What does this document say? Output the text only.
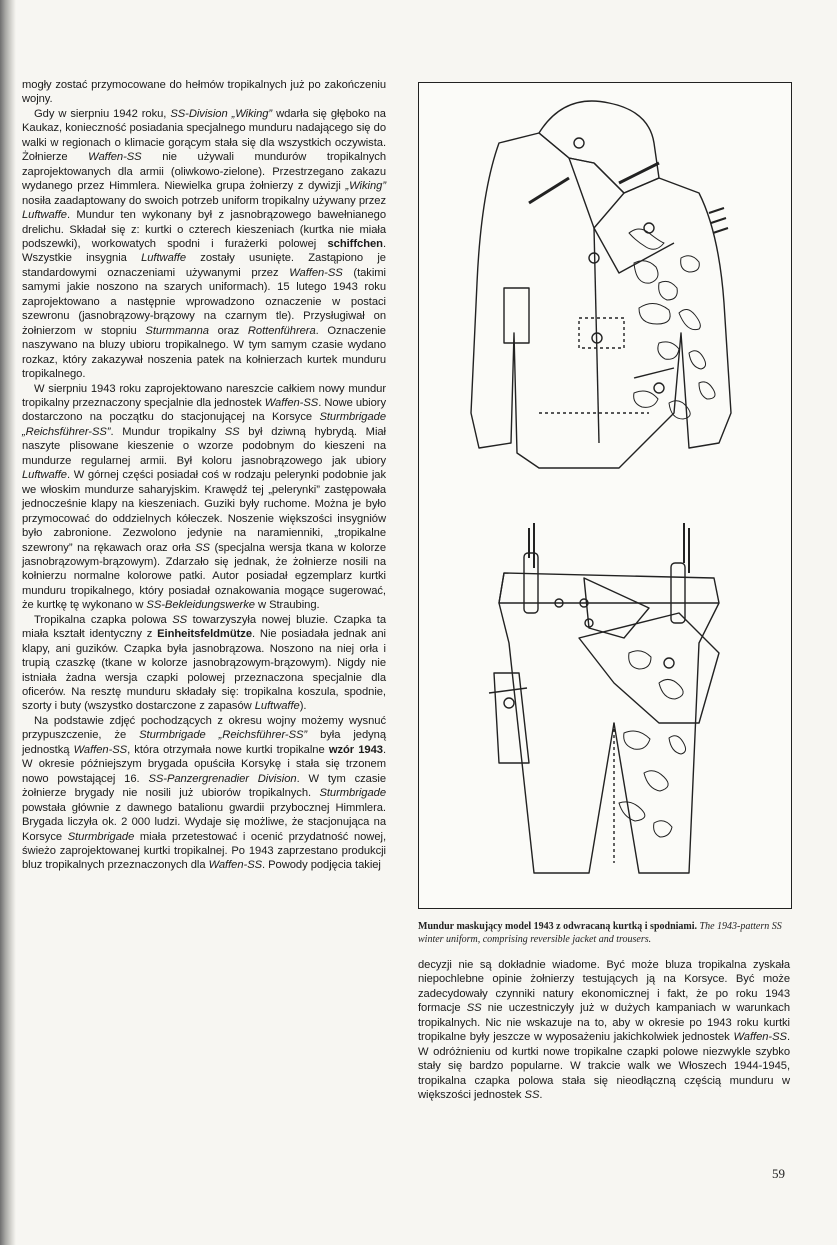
mogły zostać przymocowane do hełmów tropikalnych już po zakończeniu wojny.

Gdy w sierpniu 1942 roku, SS-Division „Wiking” wdarła się głęboko na Kaukaz, konieczność posiadania specjalnego munduru nadającego się do walki w regionach o klimacie gorącym stała się dla wszystkich oczywista. Żołnierze Waffen-SS nie używali mundurów tropikalnych zaprojektowanych dla armii (oliwkowo-zielone). Przestrzegano zakazu wydanego przez Himmlera. Niewielka grupa żołnierzy z dywizji „Wiking” nosiła zaadaptowany do swoich potrzeb uniform tropikalny używany przez Luftwaffe. Mundur ten wykonany był z jasnobrązowego bawełnianego drelichu. Składał się z: kurtki o czterech kieszeniach (kurtka nie miała podszewki), workowatych spodni i furażerki polowej schiffchen. Wszystkie insygnia Luftwaffe zostały usunięte. Zastąpiono je standardowymi oznaczeniami używanymi przez Waffen-SS (takimi samymi jakie noszono na szarych uniformach). 15 lutego 1943 roku zaprojektowano a następnie wprowadzono oznaczenie w postaci szewronu (jasnobrązowy-brązowy na czarnym tle). Przysługiwał on żołnierzom w stopniu Sturmmanna oraz Rottenführera. Oznaczenie naszywano na bluzy ubioru tropikalnego. W tym samym czasie wydano rozkaz, który zakazywał noszenia patek na kołnierzach kurtek munduru tropikalnego.

W sierpniu 1943 roku zaprojektowano nareszcie całkiem nowy mundur tropikalny przeznaczony specjalnie dla jednostek Waffen-SS. Nowe ubiory dostarczono na początku do stacjonującej na Korsyce Sturmbrigade „Reichsführer-SS”. Mundur tropikalny SS był dziwną hybrydą. Miał naszyte plisowane kieszenie o wzorze podobnym do kieszeni na mundurze regularnej armii. Był koloru jasnobrązowego jak ubiory Luftwaffe. W górnej części posiadał coś w rodzaju pelerynki podobnie jak we włoskim mundurze saharyjskim. Krawędź tej „pelerynki” zastępowała jednocześnie klapy na kieszeniach. Guziki były ruchome. Można je było przymocować do oddzielnych kółeczek. Noszenie większości insygniów było zabronione. Zezwolono jedynie na naramienniki, „tropikalne szewrony” na rękawach oraz orła SS (specjalna wersja tkana w kolorze jasnobrązowym-brązowym). Zdarzało się jednak, że żołnierze nosili na kołnierzu normalne kolorowe patki. Autor posiadał egzemplarz kurtki munduru tropikalnego, który posiadał oznakowania mogące sugerować, że kurtkę tę wykonano w SS-Bekleidungswerke w Straubing.

Tropikalna czapka polowa SS towarzyszyła nowej bluzie. Czapka ta miała kształt identyczny z Einheitsfeldmütze. Nie posiadała jednak ani klapy, ani guzików. Czapka była jasnobrązowa. Noszono na niej orła i trupią czaszkę (tkane w kolorze jasnobrązowym-brązowym). Nigdy nie istniała żadna wersja czapki polowej przeznaczona specjalnie dla oficerów. Na resztę munduru składały się: tropikalna koszula, spodnie, szorty i buty (wszystko dostarczone z zapasów Luftwaffe).

Na podstawie zdjęć pochodzących z okresu wojny możemy wysnuć przypuszczenie, że Sturmbrigade „Reichsführer-SS” była jedyną jednostką Waffen-SS, która otrzymała nowe kurtki tropikalne wzór 1943. W okresie późniejszym brygada opuściła Korsykę i stała się trzonem nowo powstającej 16. SS-Panzergrenadier Division. W tym czasie żołnierze brygady nie nosili już ubiorów tropikalnych. Sturmbrigade powstała głównie z dawnego batalionu gwardii przybocznej Himmlera. Brygada liczyła ok. 2 000 ludzi. Wydaje się możliwe, że stacjonująca na Korsyce Sturmbrigade miała przetestować i ocenić przydatność nowej, świeżo zaprojektowanej kurtki tropikalnej. Po 1943 zaprzestano produkcji bluz tropikalnych przeznaczonych dla Waffen-SS. Powody podjęcia takiej

Mundur maskujący model 1943 z odwracaną kurtką i spodniami. The 1943-pattern SS winter uniform, comprising reversible jacket and trousers.

decyzji nie są dokładnie wiadome. Być może bluza tropikalna zyskała niepochlebne opinie żołnierzy testujących ją na Korsyce. Być może zadecydowały czynniki natury ekonomicznej i fakt, że po roku 1943 formacje SS nie uczestniczyły już w dużych kampaniach w warunkach tropikalnych. Nic nie wskazuje na to, aby w okresie po 1943 roku kurtki tropikalne były jeszcze w wyposażeniu jakichkolwiek jednostek Waffen-SS. W odróżnieniu od kurtki nowe tropikalne czapki polowe niezwykle szybko stały się bardzo popularne. W trakcie walk we Włoszech 1944-1945, tropikalna czapka polowa stała się nieodłączną częścią munduru w większości jednostek SS.

59
